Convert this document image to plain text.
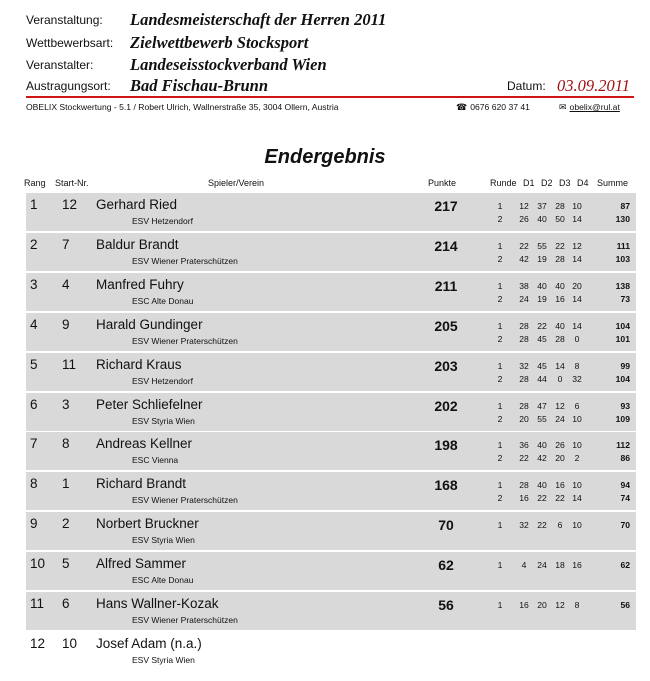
Veranstaltung: Landesmeisterschaft der Herren 2011
Wettbewerbsart: Zielwettbewerb Stocksport
Veranstalter: Landeseisstockverband Wien
Austragungsort: Bad Fischau-Brunn	Datum: 03.09.2011
OBELIX Stockwertung - 5.1 / Robert Ulrich, Wallnerstraße 35, 3004 Ollern, Austria	☎ 0676 620 37 41	✉ obelix@rul.at
Endergebnis
Rang Start-Nr.	Spieler/Verein	Punkte	Runde D1 D2 D3 D4 Summe
1 12 Gerhard Ried
ESV Hetzendorf
217	1	12 37 28 10	87
2	26 40 50 14	130
2 7 Baldur Brandt
ESV Wiener Praterschützen
214	1	22 55 22 12	111
2	42 19 28 14	103
3 4 Manfred Fuhry
ESC Alte Donau
211	1	38 40 40 20	138
2	24 19 16 14	73
4 9 Harald Gundinger
ESV Wiener Praterschützen
205	1	28 22 40 14	104
2	28 45 28	0	101
5 11 Richard Kraus
ESV Hetzendorf
203	1	32 45 14	8	99
2	28 44	0	32	104
6 3 Peter Schliefelner
ESV Styria Wien
202	1	28 47 12	6	93
2	20 55 24 10	109
7 8 Andreas Kellner
ESC Vienna
198	1	36 40 26 10	112
2	22 42 20	2	86
8 1 Richard Brandt
ESV Wiener Praterschützen
168	1	28 40 16 10	94
2	16 22 22 14	74
9 2 Norbert Bruckner
ESV Styria Wien
70	1	32 22	6	10	70
10 5 Alfred Sammer
ESC Alte Donau
62	1	4	24 18 16	62
11 6 Hans Wallner-Kozak
ESV Wiener Praterschützen
56	1	16 20 12	8	56
12 10 Josef Adam (n.a.)
ESV Styria Wien
